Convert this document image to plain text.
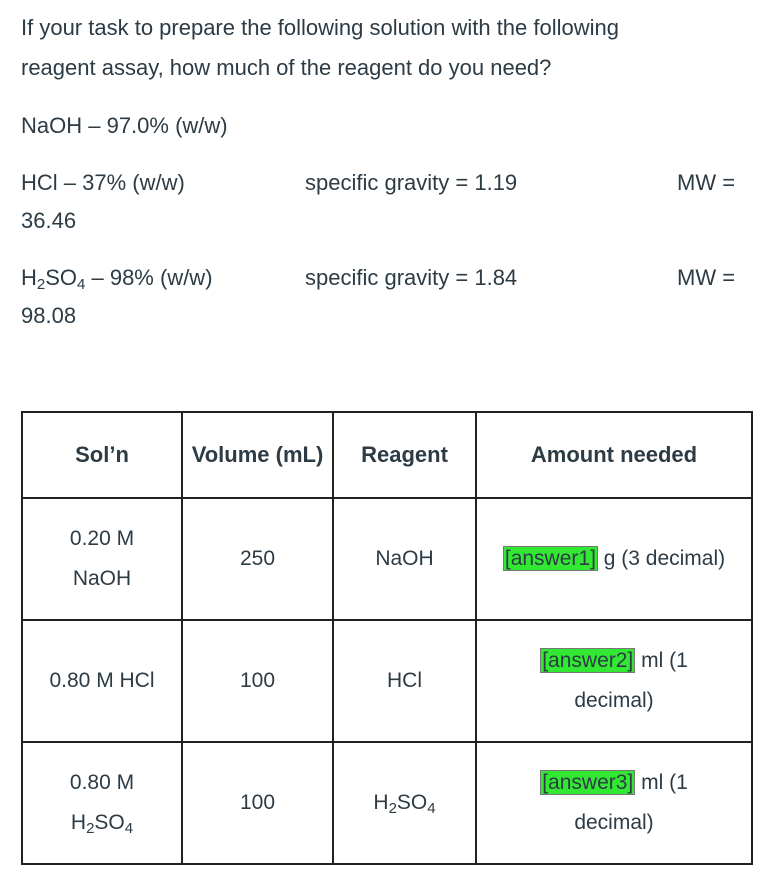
If your task to prepare the following solution with the following
reagent assay, how much of the reagent do you need?
NaOH – 97.0% (w/w)
HCl – 37% (w/w)	specific gravity = 1.19	MW =
36.46
$H_2SO_4 - 98\%$ (w/w)	specific gravity = 1.84	MW =
98.08
Sol’n	Volume (mL)	Reagent	Amount needed
0.20 M
NaOH	250	NaOH	[answer1] g (3 decimal)
0.80 M HCl	100	HCl	[answer2] ml (1
decimal)
0.80 M
$H_2SO_4$	100	$H_2SO_4$	[answer3] ml (1
decimal)
